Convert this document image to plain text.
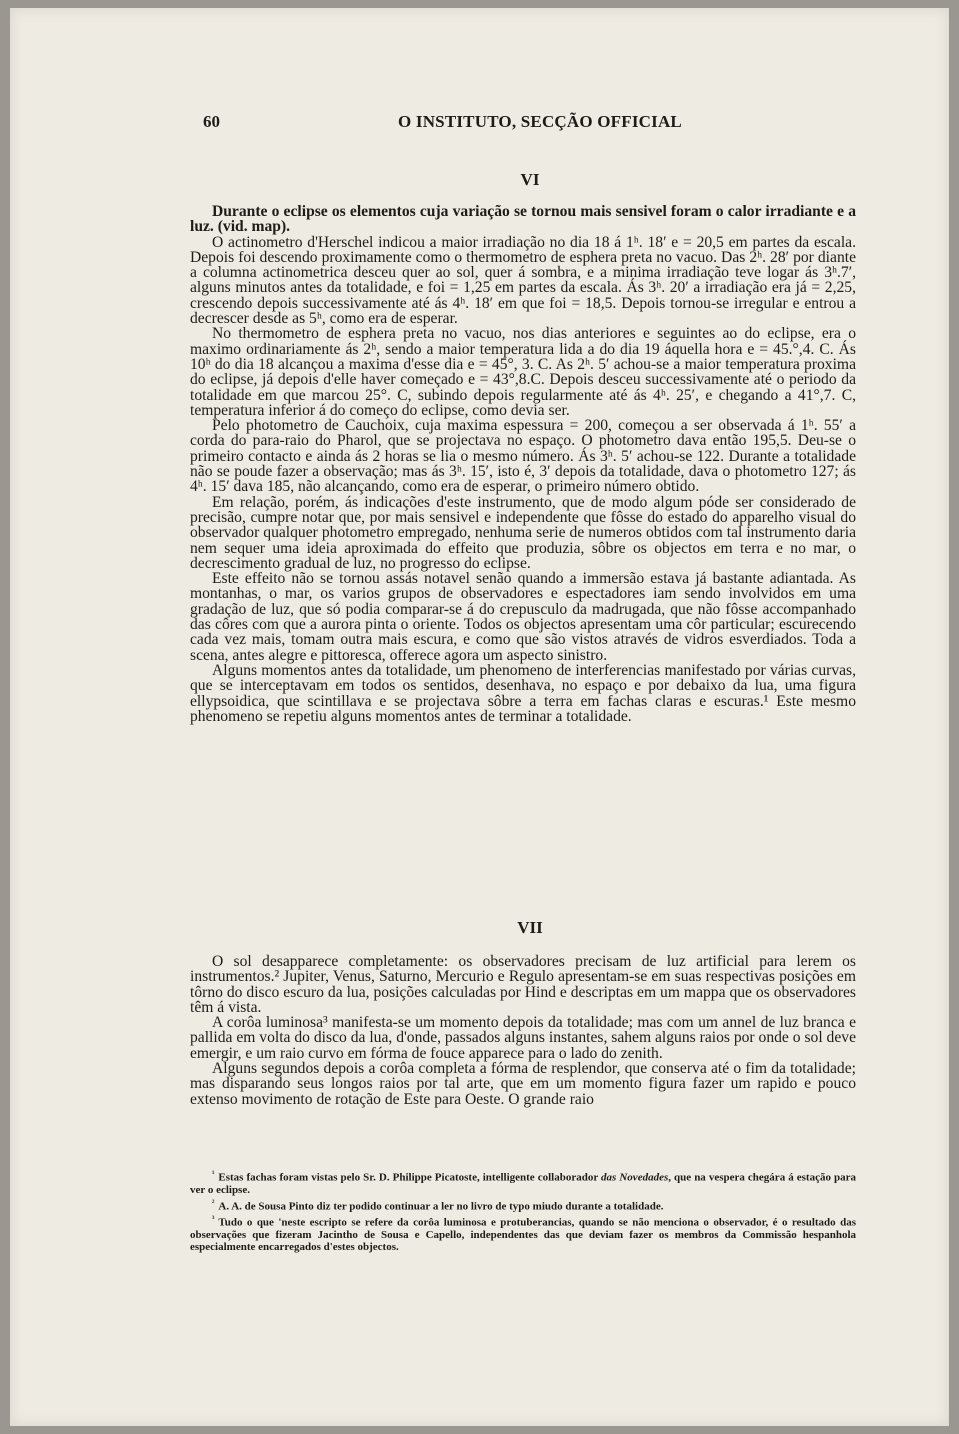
60	O INSTITUTO, SECÇÃO OFFICIAL
VI

Durante o eclipse os elementos cuja variação se tornou mais sensivel foram o calor irradiante e a luz. (vid. map).

O actinometro d'Herschel indicou a maior irradiação no dia 18 á 1ʰ. 18′ e = 20,5 em partes da escala. Depois foi descendo proximamente como o thermometro de esphera preta no vacuo. Das 2ʰ. 28′ por diante a columna actinometrica desceu quer ao sol, quer á sombra, e a minima irradiação teve logar ás 3ʰ.7′, alguns minutos antes da totalidade, e foi = 1,25 em partes da escala. Ás 3ʰ. 20′ a irradiação era já = 2,25, crescendo depois successivamente até ás 4ʰ. 18′ em que foi = 18,5. Depois tornou-se irregular e entrou a decrescer desde as 5ʰ, como era de esperar.

No thermometro de esphera preta no vacuo, nos dias anteriores e seguintes ao do eclipse, era o maximo ordinariamente ás 2ʰ, sendo a maior temperatura lida a do dia 19 áquella hora e = 45.°,4. C. Ás 10ʰ do dia 18 alcançou a maxima d'esse dia e = 45°, 3. C. As 2ʰ. 5′ achou-se a maior temperatura proxima do eclipse, já depois d'elle haver começado e = 43°,8.C. Depois desceu successivamente até o periodo da totalidade em que marcou 25°. C, subindo depois regularmente até ás 4ʰ. 25′, e chegando a 41°,7. C, temperatura inferior á do começo do eclipse, como devia ser.

Pelo photometro de Cauchoix, cuja maxima espessura = 200, começou a ser observada á 1ʰ. 55′ a corda do para-raio do Pharol, que se projectava no espaço. O photometro dava então 195,5. Deu-se o primeiro contacto e ainda ás 2 horas se lia o mesmo número. Ás 3ʰ. 5′ achou-se 122. Durante a totalidade não se poude fazer a observação; mas ás 3ʰ. 15′, isto é, 3′ depois da totalidade, dava o photometro 127; ás 4ʰ. 15′ dava 185, não alcançando, como era de esperar, o primeiro número obtido.

Em relação, porém, ás indicações d'este instrumento, que de modo algum póde ser considerado de precisão, cumpre notar que, por mais sensivel e independente que fôsse do estado do apparelho visual do observador qualquer photometro empregado, nenhuma serie de numeros obtidos com tal instrumento daria nem sequer uma ideia aproximada do effeito que produzia, sôbre os objectos em terra e no mar, o decrescimento gradual de luz, no progresso do eclipse.

Este effeito não se tornou assás notavel senão quando a immersão estava já bastante adiantada. As montanhas, o mar, os varios grupos de observadores e espectadores iam sendo involvidos em uma gradação de luz, que só podia comparar-se á do crepusculo da madrugada, que não fôsse accompanhado das côres com que a aurora pinta o oriente. Todos os objectos apresentam uma côr particular; escurecendo cada vez mais, tomam outra mais escura, e como que são vistos através de vidros esverdiados. Toda a scena, antes alegre e pittoresca, offerece agora um aspecto sinistro.

Alguns momentos antes da totalidade, um phenomeno de interferencias manifestado por várias curvas, que se interceptavam em todos os sentidos, desenhava, no espaço e por debaixo da lua, uma figura ellypsoidica, que scintillava e se projectava sôbre a terra em fachas claras e escuras.¹ Este mesmo phenomeno se repetiu alguns momentos antes de terminar a totalidade.

VII

O sol desapparece completamente: os observadores precisam de luz artificial para lerem os instrumentos.² Jupiter, Venus, Saturno, Mercurio e Regulo apresentam-se em suas respectivas posições em tôrno do disco escuro da lua, posições calculadas por Hind e descriptas em um mappa que os observadores têm á vista.

A corôa luminosa³ manifesta-se um momento depois da totalidade; mas com um annel de luz branca e pallida em volta do disco da lua, d'onde, passados alguns instantes, sahem alguns raios por onde o sol deve emergir, e um raio curvo em fórma de fouce apparece para o lado do zenith.

Alguns segundos depois a corôa completa a fórma de resplendor, que conserva até o fim da totalidade; mas disparando seus longos raios por tal arte, que em um momento figura fazer um rapido e pouco extenso movimento de rotação de Este para Oeste. O grande raio

$^{^1}$ Estas fachas foram vistas pelo Sr. D. Philippe Picatoste, intelligente collaborador das Novedades, que na vespera chegára á estação para ver o eclipse.

$^{^2}$ A. A. de Sousa Pinto diz ter podido continuar a ler no livro de typo miudo durante a totalidade.

$^{^3}$ Tudo o que 'neste escripto se refere da corôa luminosa e protuberancias, quando se não menciona o observador, é o resultado das observações que fizeram Jacintho de Sousa e Capello, independentes das que deviam fazer os membros da Commissão hespanhola especialmente encarregados d'estes objectos.
